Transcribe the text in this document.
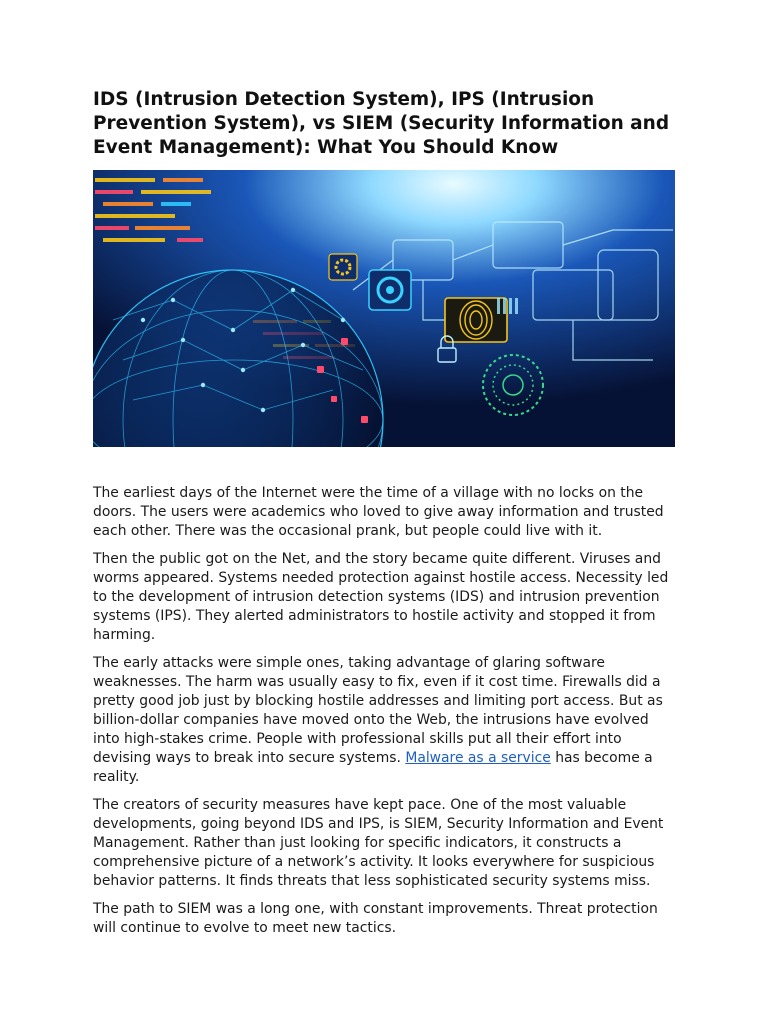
IDS (Intrusion Detection System), IPS (Intrusion Prevention System), vs SIEM (Security Information and Event Management): What You Should Know

The earliest days of the Internet were the time of a village with no locks on the doors. The users were academics who loved to give away information and trusted each other. There was the occasional prank, but people could live with it.

Then the public got on the Net, and the story became quite different. Viruses and worms appeared. Systems needed protection against hostile access. Necessity led to the development of intrusion detection systems (IDS) and intrusion prevention systems (IPS). They alerted administrators to hostile activity and stopped it from harming.

The early attacks were simple ones, taking advantage of glaring software weaknesses. The harm was usually easy to fix, even if it cost time. Firewalls did a pretty good job just by blocking hostile addresses and limiting port access. But as billion-dollar companies have moved onto the Web, the intrusions have evolved into high-stakes crime. People with professional skills put all their effort into devising ways to break into secure systems. Malware as a service has become a reality.

The creators of security measures have kept pace. One of the most valuable developments, going beyond IDS and IPS, is SIEM, Security Information and Event Management. Rather than just looking for specific indicators, it constructs a comprehensive picture of a network’s activity. It looks everywhere for suspicious behavior patterns. It finds threats that less sophisticated security systems miss.

The path to SIEM was a long one, with constant improvements. Threat protection will continue to evolve to meet new tactics.
